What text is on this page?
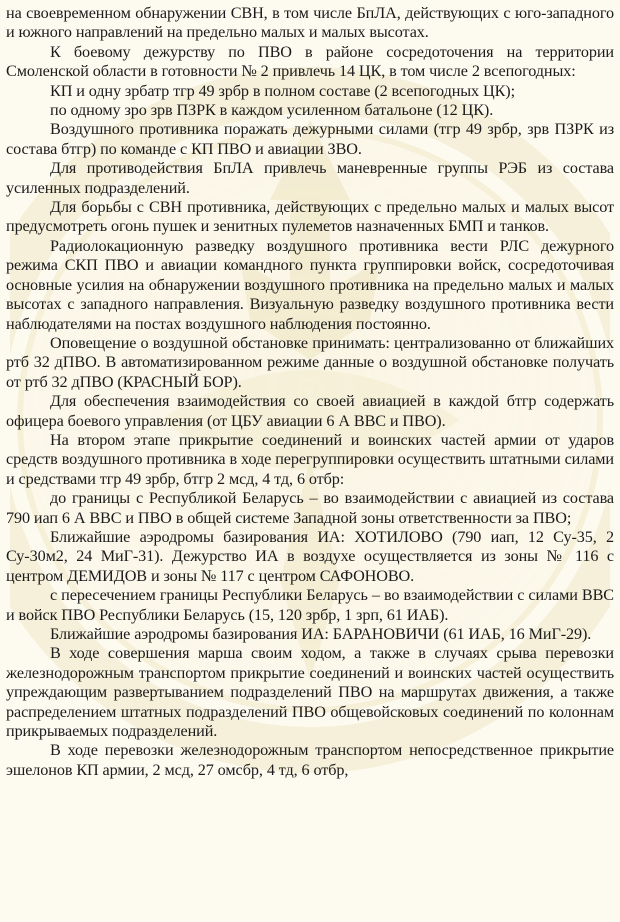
на своевременном обнаружении СВН, в том числе БпЛА, действующих с юго-западного и южного направлений на предельно малых и малых высотах.

К боевому дежурству по ПВО в районе сосредоточения на территории Смоленской области в готовности № 2 привлечь 14 ЦК, в том числе 2 всепогодных:

КП и одну зрбатр тгр 49 зрбр в полном составе (2 всепогодных ЦК);

по одному зро зрв ПЗРК в каждом усиленном батальоне (12 ЦК).

Воздушного противника поражать дежурными силами (тгр 49 зрбр, зрв ПЗРК из состава бтгр) по команде с КП ПВО и авиации ЗВО.

Для противодействия БпЛА привлечь маневренные группы РЭБ из состава усиленных подразделений.

Для борьбы с СВН противника, действующих с предельно малых и малых высот предусмотреть огонь пушек и зенитных пулеметов назначенных БМП и танков.

Радиолокационную разведку воздушного противника вести РЛС дежурного режима СКП ПВО и авиации командного пункта группировки войск, сосредоточивая основные усилия на обнаружении воздушного противника на предельно малых и малых высотах с западного направления. Визуальную разведку воздушного противника вести наблюдателями на постах воздушного наблюдения постоянно.

Оповещение о воздушной обстановке принимать: централизованно от ближайших ртб 32 дПВО. В автоматизированном режиме данные о воздушной обстановке получать от ртб 32 дПВО (КРАСНЫЙ БОР).

Для обеспечения взаимодействия со своей авиацией в каждой бтгр содержать офицера боевого управления (от ЦБУ авиации 6 А ВВС и ПВО).

На втором этапе прикрытие соединений и воинских частей армии от ударов средств воздушного противника в ходе перегруппировки осуществить штатными силами и средствами тгр 49 зрбр, бтгр 2 мсд, 4 тд, 6 отбр:

до границы с Республикой Беларусь – во взаимодействии с авиацией из состава 790 иап 6 А ВВС и ПВО в общей системе Западной зоны ответственности за ПВО;

Ближайшие аэродромы базирования ИА: ХОТИЛОВО (790 иап, 12 Су-35, 2 Су-30м2, 24 МиГ-31). Дежурство ИА в воздухе осуществляется из зоны № 116 с центром ДЕМИДОВ и зоны № 117 с центром САФОНОВО.

с пересечением границы Республики Беларусь – во взаимодействии с силами ВВС и войск ПВО Республики Беларусь (15, 120 зрбр, 1 зрп, 61 ИАБ).

Ближайшие аэродромы базирования ИА: БАРАНОВИЧИ (61 ИАБ, 16 МиГ-29).

В ходе совершения марша своим ходом, а также в случаях срыва перевозки железнодорожным транспортом прикрытие соединений и воинских частей осуществить упреждающим развертыванием подразделений ПВО на маршрутах движения, а также распределением штатных подразделений ПВО общевойсковых соединений по колоннам прикрываемых подразделений.

В ходе перевозки железнодорожным транспортом непосредственное прикрытие эшелонов КП армии, 2 мсд, 27 омсбр, 4 тд, 6 отбр,
